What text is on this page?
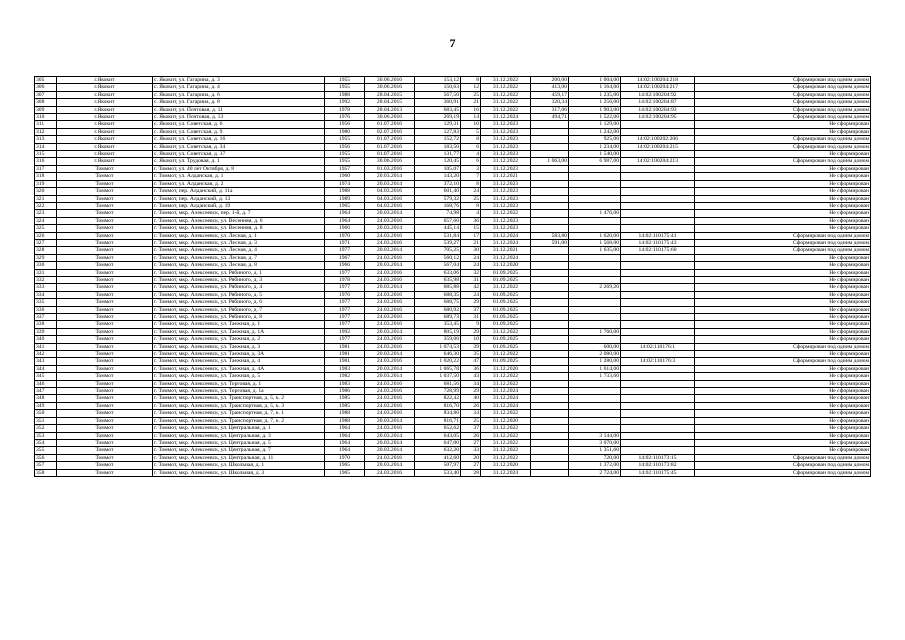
7
305	г.Якокит	с. Якокит, ул. Гагарина, д. 3	1955	30.06.2016	153,12	8	31.12.2022	200,00	1 004,00	14:02:100204:218	Сформирован под одним домом
306	г.Якокит	с. Якокит, ул. Гагарина, д. 4	1955	30.06.2016	150,63	12	31.12.2022	413,00	1 164,00	14:02:100204:217	Сформирован под одним домом
307	г.Якокит	с. Якокит, ул. Гагарина, д. 6	1988	28.04.2015	567,50	25	31.12.2022	459,17	1 235,00	14:02:100204:92	Сформирован под одним домом
308	г.Якокит	с. Якокит, ул. Гагарина, д. 8	1992	28.04.2015	360,91	21	31.12.2022	320,34	1 256,00	14:02:100204:87	Сформирован под одним домом
309	г.Якокит	с. Якокит, ул. Почтовая, д. 11	1978	28.04.2013	683,45	16	31.12.2022	317,06	1 903,00	14:02:100204:93	Сформирован под одним домом
310	г.Якокит	с. Якокит, ул. Почтовая, д. 13	1976	30.06.2016	269,19	14	31.12.2024	494,71	1 522,00	14:02:100204:95	Сформирован под одним домом
311	г.Якокит	с. Якокит, ул. Советская, д. 6	1956	01.07.2016	129,31	10	31.12.2023		1 129,00		Не сформирован
312	г.Якокит	с. Якокит, ул. Советская, д. 9	1980	02.07.2016	127,83	5	31.12.2023		1 242,00		Не сформирован
313	г.Якокит	с. Якокит, ул. Советская, д. 16	1955	01.07.2016	152,72	8	31.12.2023		925,00	14:02:100202:206	Сформирован под одним домом
314	г.Якокит	с. Якокит, ул. Советская, д. 34	1956	01.07.2016	183,50	6	31.12.2023		1 234,00	14:02:100204:215	Сформирован под одним домом
315	г.Якокит	с. Якокит, ул. Советская, д. 37	1955	01.07.2016	131,77	4	31.12.2023		1 540,00		Не сформирован
316	г.Якокит	с. Якокит, ул. Трудовая, д. 1	1955	30.06.2016	120,45	6	31.12.2022	1 063,00	6 987,00	14:02:100204:213	Сформирован под одним домом
317	Томмот	г. Томмот, ул. 40 лет Октября, д. 8	1957	01.03.2016	105,07	3	31.12.2023				Не сформирован
318	Томмот	г. Томмот, ул. Алданская, д. 1	1960	20.03.2014	143,20	7	31.12.2021				Не сформирован
319	Томмот	г. Томмот, ул. Алданская, д. 2	1974	20.03.2014	372,10	8	31.12.2023				Не сформирован
320	Томмот	г. Томмот, пер. Алданский, д. 11а	1988	04.03.2016	601,40	24	31.12.2023				Не сформирован
321	Томмот	г. Томмот, пер. Алданский, д. 13	1989	04.03.2016	579,32	25	31.12.2023				Не сформирован
322	Томмот	г. Томмот, пер. Алданский, д. 19	1965	04.03.2016	168,76	8	31.12.2023				Не сформирован
323	Томмот	г. Томмот, мкр. Алексеевск, пер. 1-й, д. 7	1964	20.03.2014	74,98	4	31.12.2022		1 476,00		Не сформирован
324	Томмот	г. Томмот, мкр. Алексеевск, ул. Весенняя, д. 6	1964	24.03.2016	657,60	36	31.12.2023				Не сформирован
325	Томмот	г. Томмот, мкр. Алексеевск, ул. Весенняя, д. 8	1966	20.03.2014	445,14	15	31.12.2023				Не сформирован
326	Томмот	г. Томмот, мкр. Алексеевск, ул. Лесная, д. 1	1970	24.03.2016	531,84	17	31.12.2024	583,80	1 620,00	14:02:110175:41	Сформирован под одним домом
327	Томмот	г. Томмот, мкр. Алексеевск, ул. Лесная, д. 3	1971	24.03.2016	539,27	21	31.12.2024	591,00	1 568,00	14:02:110175:43	Сформирован под одним домом
328	Томмот	г. Томмот, мкр. Алексеевск, ул. Лесная, д. 4	1977	20.03.2014	705,25	30	31.12.2021		1 635,00	14:02:110175:60	Сформирован под одним домом
329	Томмот	г. Томмот, мкр. Алексеевск, ул. Лесная, д. 7	1967	24.03.2016	560,12	24	31.12.2024				Не сформирован
330	Томмот	г. Томмот, мкр. Алексеевск, ул. Лесная, д. 8	1966	20.03.2014	567,04	24	31.12.2020				Не сформирован
331	Томмот	г. Томмот, мкр. Алексеевск, ул. Рябиного, д. 1	1977	24.03.2016	633,06	32	01.09.2025				Не сформирован
332	Томмот	г. Томмот, мкр. Алексеевск, ул. Рябиного, д. 3	1978	24.03.2016	635,98	31	01.09.2025				Не сформирован
333	Томмот	г. Томмот, мкр. Алексеевск, ул. Рябиного, д. 4	1977	20.03.2014	685,88	42	31.12.2022		2 269,20		Не сформирован
334	Томмот	г. Томмот, мкр. Алексеевск, ул. Рябиного, д. 5	1976	24.03.2016	688,35	24	01.09.2025				Не сформирован
335	Томмот	г. Томмот, мкр. Алексеевск, ул. Рябиного, д. 6	1977	24.03.2016	688,75	29	01.09.2025				Не сформирован
336	Томмот	г. Томмот, мкр. Алексеевск, ул. Рябиного, д. 7	1977	24.03.2016	680,92	37	01.09.2025				Не сформирован
337	Томмот	г. Томмот, мкр. Алексеевск, ул. Рябиного, д. 8	1977	24.03.2016	689,73	31	01.09.2025				Не сформирован
338	Томмот	г. Томмот, мкр. Алексеевск, ул. Таежная, д. 1	1977	24.03.2016	353,45	9	01.09.2025				Не сформирован
339	Томмот	г. Томмот, мкр. Алексеевск, ул. Таежная, д. 1А	1992	20.03.2014	805,19	29	31.12.2022		1 760,00		Не сформирован
340	Томмот	г. Томмот, мкр. Алексеевск, ул. Таежная, д. 2	1977	24.03.2016	359,00	10	01.09.2025				Не сформирован
341	Томмот	г. Томмот, мкр. Алексеевск, ул. Таежная, д. 3	1981	24.03.2016	1 074,53	39	01.09.2025		600,00	14:02:110176:1	Сформирован под одним домом
342	Томмот	г. Томмот, мкр. Алексеевск, ул. Таежная, д. 3А	1981	20.03.2014	646,30	35	31.12.2022		2 080,00		Не сформирован
343	Томмот	г. Томмот, мкр. Алексеевск, ул. Таежная, д. 4	1981	24.03.2016	1 020,22	47	01.09.2025		1 280,00	14:02:110176:3	Сформирован под одним домом
344	Томмот	г. Томмот, мкр. Алексеевск, ул. Таежная, д. 4А	1983	20.03.2014	1 065,78	36	31.12.2020		1 614,00		Не сформирован
345	Томмот	г. Томмот, мкр. Алексеевск, ул. Таежная, д. 5	1982	20.03.2014	1 037,50	43	31.12.2022		1 733,60		Не сформирован
346	Томмот	г. Томмот, мкр. Алексеевск, ул. Торговая, д. 1	1983	24.03.2016	681,56	34	31.12.2022				Не сформирован
347	Томмот	г. Томмот, мкр. Алексеевск, ул. Торговая, д. 1а	1986	24.03.2016	728,99	29	31.12.2024				Не сформирован
348	Томмот	г. Томмот, мкр. Алексеевск, ул. Транспортная, д. 5, к. 2	1985	24.03.2016	822,42	40	31.12.2024				Не сформирован
349	Томмот	г. Томмот, мкр. Алексеевск, ул. Транспортная, д. 5, к. 3	1985	24.03.2016	816,70	26	31.12.2024				Не сформирован
350	Томмот	г. Томмот, мкр. Алексеевск, ул. Транспортная, д. 7, к. 1	1988	24.03.2016	834,80	34	31.12.2022				Не сформирован
351	Томмот	г. Томмот, мкр. Алексеевск, ул. Транспортная, д. 7, к. 2	1988	20.03.2014	816,71	25	31.12.2020				Не сформирован
352	Томмот	г. Томмот, мкр. Алексеевск, ул. Центральная, д. 1	1964	24.03.2016	652,62	37	31.12.2022				Не сформирован
353	Томмот	г. Томмот, мкр. Алексеевск, ул. Центральная, д. 3	1964	20.03.2014	643,05	26	31.12.2022		3 144,00		Не сформирован
354	Томмот	г. Томмот, мкр. Алексеевск, ул. Центральная, д. 5	1964	20.03.2014	647,00	27	31.12.2022		3 070,00		Не сформирован
355	Томмот	г. Томмот, мкр. Алексеевск, ул. Центральная, д. 7	1964	20.03.2014	632,20	33	31.12.2022		1 351,60		Не сформирован
356	Томмот	г. Томмот, мкр. Алексеевск, ул. Центральная, д. 11	1970	24.03.2016	412,60	20	31.12.2022		720,00	14:02:110173:15	Сформирован под одним домом
357	Томмот	г. Томмот, мкр. Алексеевск, ул. Школьная, д. 1	1965	20.03.2014	507,97	27	31.12.2020		1 372,00	14:02:110173:82	Сформирован под одним домом
358	Томмот	г. Томмот, мкр. Алексеевск, ул. Школьная, д. 3	1965	24.03.2016	533,40	28	31.12.2024		2 724,00	14:02:110175:45	Сформирован под одним домом
